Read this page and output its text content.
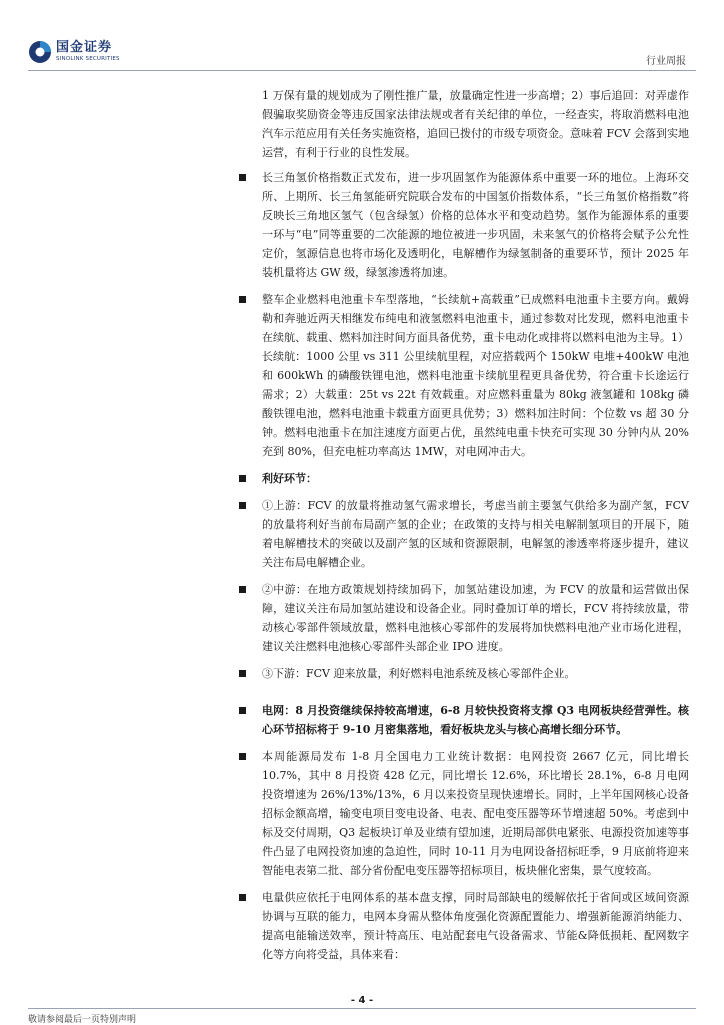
国金证券
SINOLINK SECURITIES	行业周报

1 万保有量的规划成为了刚性推广量，放量确定性进一步高增；2）事后追回：对弄虚作假骗取奖励资金等违反国家法律法规或者有关纪律的单位，一经查实，将取消燃料电池汽车示范应用有关任务实施资格，追回已拨付的市级专项资金。意味着 FCV 会落到实地运营，有利于行业的良性发展。

长三角氢价格指数正式发布，进一步巩固氢作为能源体系中重要一环的地位。上海环交所、上期所、长三角氢能研究院联合发布的中国氢价指数体系，“长三角氢价格指数”将反映长三角地区氢气（包含绿氢）价格的总体水平和变动趋势。氢作为能源体系的重要一环与“电”同等重要的二次能源的地位被进一步巩固，未来氢气的价格将会赋予公允性定价，氢源信息也将市场化及透明化，电解槽作为绿氢制备的重要环节，预计 2025 年装机量将达 GW 级，绿氢渗透将加速。

整车企业燃料电池重卡车型落地，“长续航+高载重”已成燃料电池重卡主要方向。戴姆勒和奔驰近两天相继发布纯电和液氢燃料电池重卡，通过参数对比发现，燃料电池重卡在续航、载重、燃料加注时间方面具备优势，重卡电动化或排将以燃料电池为主导。1）长续航：1000 公里 vs 311 公里续航里程，对应搭载两个 150kW 电堆+400kW 电池和 600kWh 的磷酸铁锂电池，燃料电池重卡续航里程更具备优势，符合重卡长途运行需求；2）大载重：25t vs 22t 有效载重。对应燃料重量为 80kg 液氢罐和 108kg 磷酸铁锂电池，燃料电池重卡载重方面更具优势；3）燃料加注时间：个位数 vs 超 30 分钟。燃料电池重卡在加注速度方面更占优，虽然纯电重卡快充可实现 30 分钟内从 20%充到 80%，但充电桩功率高达 1MW，对电网冲击大。

利好环节：

①上游：FCV 的放量将推动氢气需求增长，考虑当前主要氢气供给多为副产氢，FCV 的放量将利好当前布局副产氢的企业；在政策的支持与相关电解制氢项目的开展下，随着电解槽技术的突破以及副产氢的区域和资源限制，电解氢的渗透率将逐步提升，建议关注布局电解槽企业。

②中游：在地方政策规划持续加码下，加氢站建设加速，为 FCV 的放量和运营做出保障，建议关注布局加氢站建设和设备企业。同时叠加订单的增长，FCV 将持续放量，带动核心零部件领域放量，燃料电池核心零部件的发展将加快燃料电池产业市场化进程，建议关注燃料电池核心零部件头部企业 IPO 进度。

③下游：FCV 迎来放量，利好燃料电池系统及核心零部件企业。

电网：8 月投资继续保持较高增速，6-8 月较快投资将支撑 Q3 电网板块经营弹性。核心环节招标将于 9-10 月密集落地，看好板块龙头与核心高增长细分环节。

本周能源局发布 1-8 月全国电力工业统计数据：电网投资 2667 亿元，同比增长 10.7%，其中 8 月投资 428 亿元，同比增长 12.6%，环比增长 28.1%，6-8 月电网投资增速为 26%/13%/13%，6 月以来投资呈现快速增长。同时，上半年国网核心设备招标金额高增，输变电项目变电设备、电表、配电变压器等环节增速超 50%。考虑到中标及交付周期，Q3 起板块订单及业绩有望加速，近期局部供电紧张、电源投资加速等事件凸显了电网投资加速的急迫性，同时 10-11 月为电网设备招标旺季，9 月底前将迎来智能电表第二批、部分省份配电变压器等招标项目，板块催化密集，景气度较高。

电量供应依托于电网体系的基本盘支撑，同时局部缺电的缓解依托于省间或区域间资源协调与互联的能力，电网本身需从整体角度强化资源配置能力、增强新能源消纳能力、提高电能输送效率，预计特高压、电站配套电气设备需求、节能&降低损耗、配网数字化等方向将受益，具体来看：

- 4 -
敬请参阅最后一页特别声明
